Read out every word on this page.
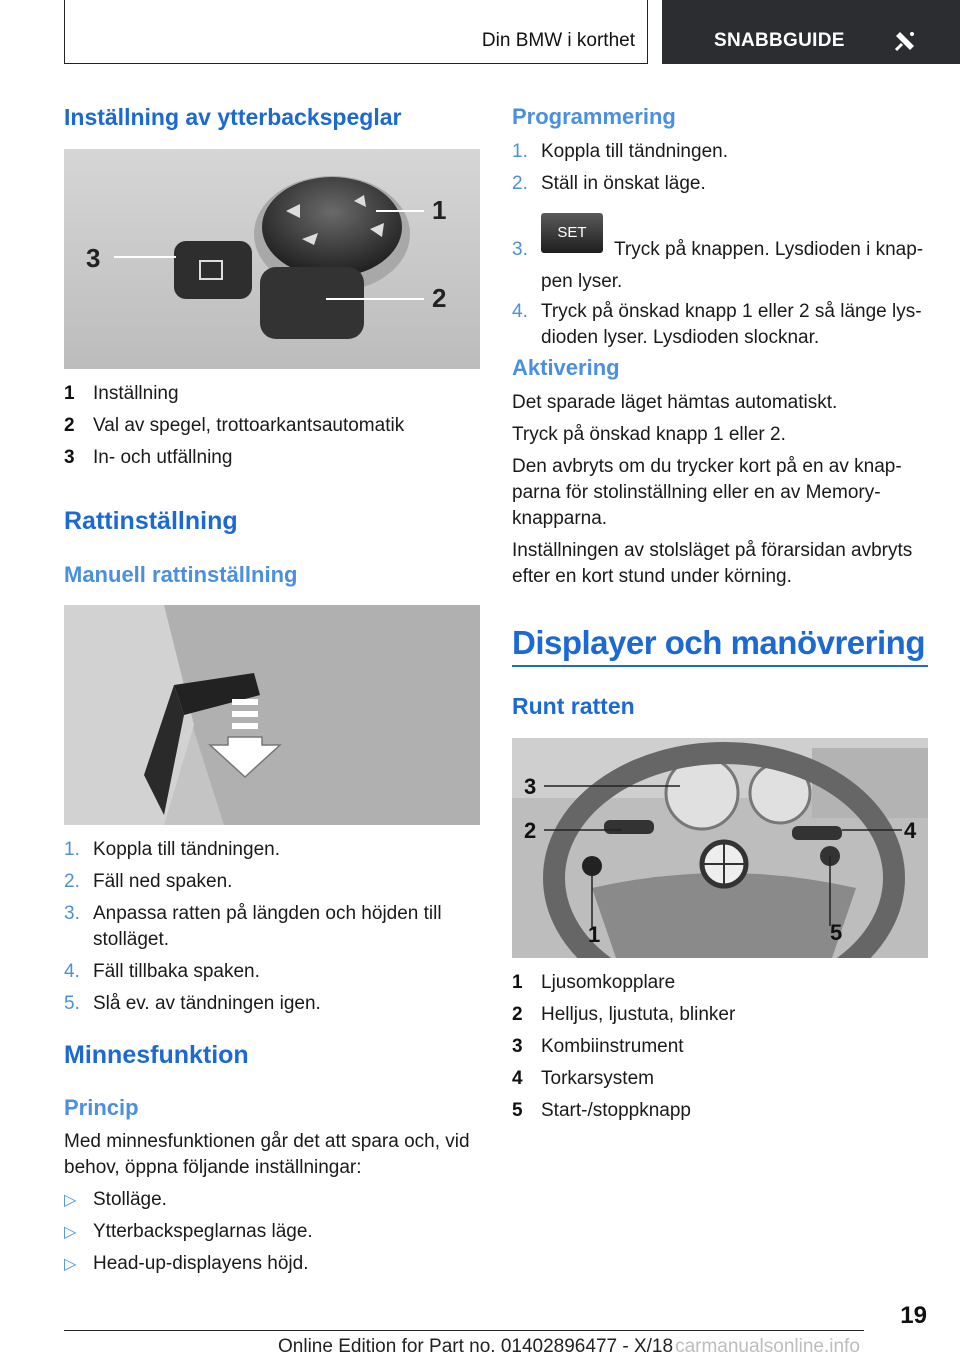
Din BMW i korthet	SNABBGUIDE
Inställning av ytterbackspeglar
1
2
3
1 Inställning
2 Val av spegel, trottoarkantsautomatik
3 In- och utfällning
Rattinställning
Manuell rattinställning
1. Koppla till tändningen.
2. Fäll ned spaken.
3. Anpassa ratten på längden och höjden till
stolläget.
4. Fäll tillbaka spaken.
5. Slå ev. av tändningen igen.
Minnesfunktion
Princip
Med minnesfunktionen går det att spara och, vid
behov, öppna följande inställningar:
▷ Stolläge.
▷ Ytterbackspeglarnas läge.
▷ Head-up-displayens höjd.
Programmering
1. Koppla till tändningen.
2. Ställ in önskat läge.
3.
SET
Tryck på knappen. Lysdioden i knap-
pen lyser.
4. Tryck på önskad knapp 1 eller 2 så länge lys-
dioden lyser. Lysdioden slocknar.
Aktivering
Det sparade läget hämtas automatiskt.
Tryck på önskad knapp 1 eller 2.
Den avbryts om du trycker kort på en av knap-
parna för stolinställning eller en av Memory-
knapparna.
Inställningen av stolsläget på förarsidan avbryts
efter en kort stund under körning.
Displayer och manövrering
Runt ratten
1
2
3
4
5
1 Ljusomkopplare
2 Helljus, ljustuta, blinker
3 Kombiinstrument
4 Torkarsystem
5 Start-/stoppknapp
19
Online Edition for Part no. 01402896477 - X/18 carmanualsonline.info
